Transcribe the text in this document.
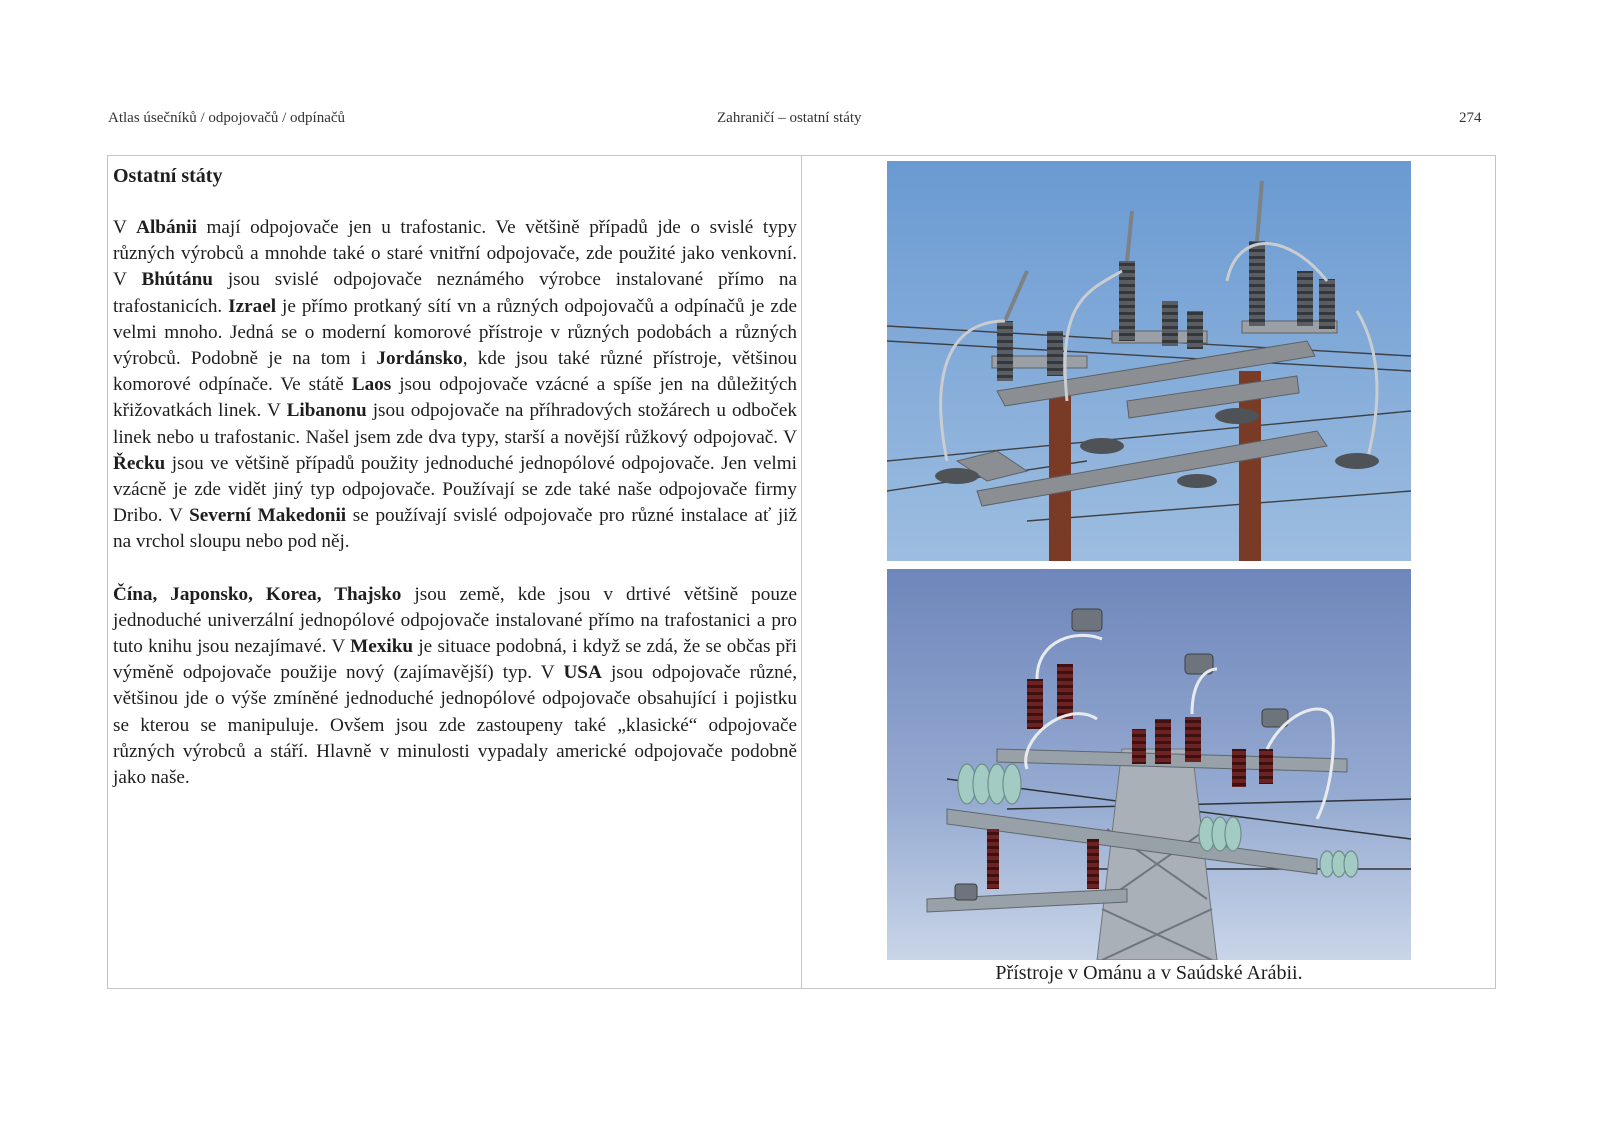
Atlas úsečníků / odpojovačů / odpínačů	Zahraničí – ostatní státy	274
Ostatní státy

V Albánii mají odpojovače jen u trafostanic. Ve většině případů jde o svislé typy různých výrobců a mnohde také o staré vnitřní odpojovače, zde použité jako venkovní. V Bhútánu jsou svislé odpojovače neznámého výrobce instalované přímo na trafostanicích. Izrael je přímo protkaný sítí vn a různých odpojovačů a odpínačů je zde velmi mnoho. Jedná se o moderní komorové přístroje v různých podobách a různých výrobců. Podobně je na tom i Jordánsko, kde jsou také různé přístroje, většinou komorové odpínače. Ve státě Laos jsou odpojovače vzácné a spíše jen na důležitých křižovatkách linek. V Libanonu jsou odpojovače na příhradových stožárech u odboček linek nebo u trafostanic. Našel jsem zde dva typy, starší a novější růžkový odpojovač. V Řecku jsou ve většině případů použity jednoduché jednopólové odpojovače. Jen velmi vzácně je zde vidět jiný typ odpojovače. Používají se zde také naše odpojovače firmy Dribo. V Severní Makedonii se používají svislé odpojovače pro různé instalace ať již na vrchol sloupu nebo pod něj.

Čína, Japonsko, Korea, Thajsko jsou země, kde jsou v drtivé většině pouze jednoduché univerzální jednopólové odpojovače instalované přímo na trafostanici a pro tuto knihu jsou nezajímavé. V Mexiku je situace podobná, i když se zdá, že se občas při výměně odpojovače použije nový (zajímavější) typ. V USA jsou odpojovače různé, většinou jde o výše zmíněné jednoduché jednopólové odpojovače obsahující i pojistku se kterou se manipuluje. Ovšem jsou zde zastoupeny také „klasické“ odpojovače různých výrobců a stáří. Hlavně v minulosti vypadaly americké odpojovače podobně jako naše.

Přístroje v Ománu a v Saúdské Arábii.
